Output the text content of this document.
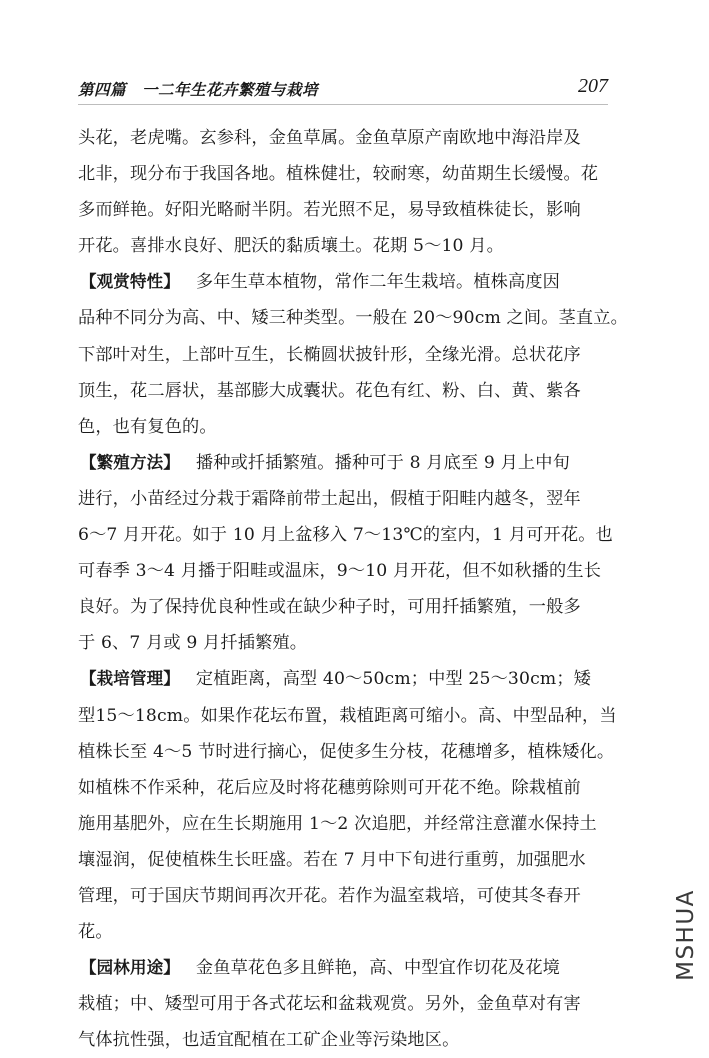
第四篇　一二年生花卉繁殖与栽培	207
头花，老虎嘴。玄参科，金鱼草属。金鱼草原产南欧地中海沿岸及
北非，现分布于我国各地。植株健壮，较耐寒，幼苗期生长缓慢。花
多而鲜艳。好阳光略耐半阴。若光照不足，易导致植株徒长，影响
开花。喜排水良好、肥沃的黏质壤土。花期 5～10 月。
【观赏特性】 多年生草本植物，常作二年生栽培。植株高度因
品种不同分为高、中、矮三种类型。一般在 20～90cm 之间。茎直立。
下部叶对生，上部叶互生，长椭圆状披针形，全缘光滑。总状花序
顶生，花二唇状，基部膨大成囊状。花色有红、粉、白、黄、紫各
色，也有复色的。
【繁殖方法】 播种或扦插繁殖。播种可于 8 月底至 9 月上中旬
进行，小苗经过分栽于霜降前带土起出，假植于阳畦内越冬，翌年
6～7 月开花。如于 10 月上盆移入 7～13℃的室内，1 月可开花。也
可春季 3～4 月播于阳畦或温床，9～10 月开花，但不如秋播的生长
良好。为了保持优良种性或在缺少种子时，可用扦插繁殖，一般多
于 6、7 月或 9 月扦插繁殖。
【栽培管理】 定植距离，高型 40～50cm；中型 25～30cm；矮
型15～18cm。如果作花坛布置，栽植距离可缩小。高、中型品种，当
植株长至 4～5 节时进行摘心，促使多生分枝，花穗增多，植株矮化。
如植株不作采种，花后应及时将花穗剪除则可开花不绝。除栽植前
施用基肥外，应在生长期施用 1～2 次追肥，并经常注意灌水保持土
壤湿润，促使植株生长旺盛。若在 7 月中下旬进行重剪，加强肥水
管理，可于国庆节期间再次开花。若作为温室栽培，可使其冬春开
花。
【园林用途】 金鱼草花色多且鲜艳，高、中型宜作切花及花境
栽植；中、矮型可用于各式花坛和盆栽观赏。另外，金鱼草对有害
气体抗性强，也适宜配植在工矿企业等污染地区。
MSHUA
